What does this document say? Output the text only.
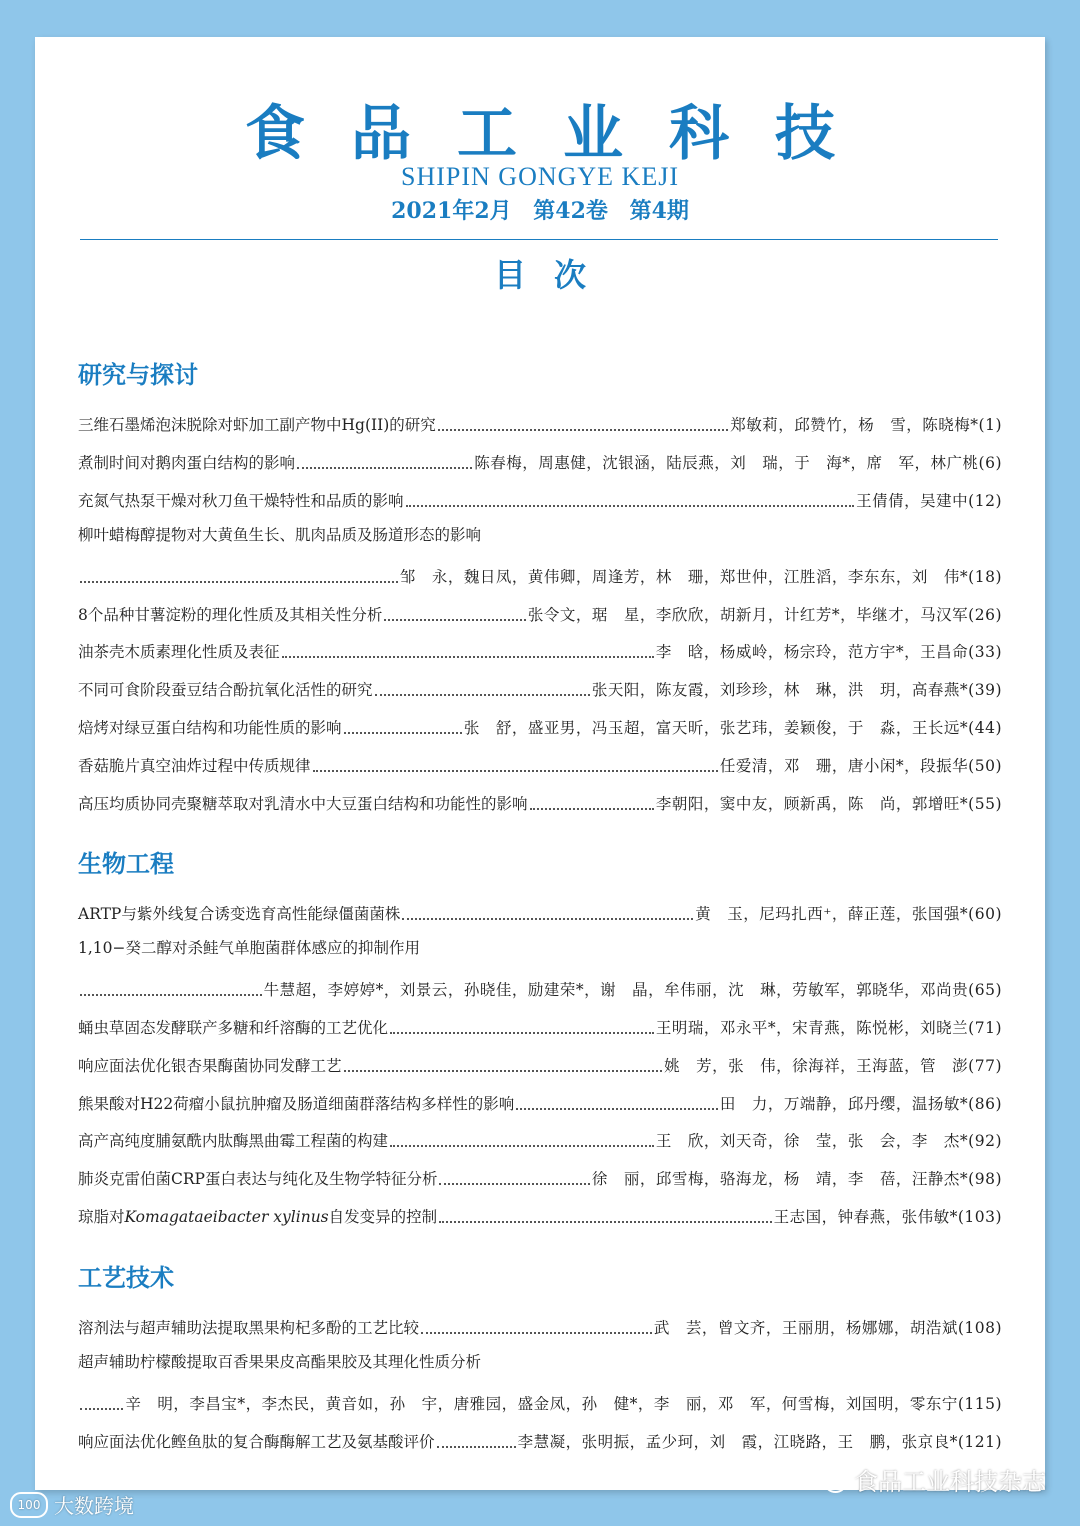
食品工业科技
SHIPIN GONGYE KEJI
2021年2月 第42卷 第4期
目次
研究与探讨
三维石墨烯泡沫脱除对虾加工副产物中Hg(II)的研究	郑敏莉，邱赞竹，杨　雪，陈晓梅*(1)
煮制时间对鹅肉蛋白结构的影响	陈春梅，周惠健，沈银涵，陆辰燕，刘　瑞，于　海*，席　军，林广桃(6)
充氮气热泵干燥对秋刀鱼干燥特性和品质的影响	王倩倩，吴建中(12)
柳叶蜡梅醇提物对大黄鱼生长、肌肉品质及肠道形态的影响
邹　永，魏日凤，黄伟卿，周逢芳，林　珊，郑世仲，江胜滔，李东东，刘　伟*(18)
8个品种甘薯淀粉的理化性质及其相关性分析	张令文，琚　星，李欣欣，胡新月，计红芳*，毕继才，马汉军(26)
油茶壳木质素理化性质及表征	李　晗，杨威岭，杨宗玲，范方宇*，王昌命(33)
不同可食阶段蚕豆结合酚抗氧化活性的研究	张天阳，陈友霞，刘珍珍，林　琳，洪　玥，高春燕*(39)
焙烤对绿豆蛋白结构和功能性质的影响	张　舒，盛亚男，冯玉超，富天昕，张艺玮，姜颖俊，于　淼，王长远*(44)
香菇脆片真空油炸过程中传质规律	任爱清，邓　珊，唐小闲*，段振华(50)
高压均质协同壳聚糖萃取对乳清水中大豆蛋白结构和功能性的影响	李朝阳，窦中友，顾新禹，陈　尚，郭增旺*(55)
生物工程
ARTP与紫外线复合诱变选育高性能绿僵菌菌株	黄　玉，尼玛扎西⁺，薛正莲，张国强*(60)
1,10−癸二醇对杀鲑气单胞菌群体感应的抑制作用
牛慧超，李婷婷*，刘景云，孙晓佳，励建荣*，谢　晶，牟伟丽，沈　琳，劳敏军，郭晓华，邓尚贵(65)
蛹虫草固态发酵联产多糖和纤溶酶的工艺优化	王明瑞，邓永平*，宋青燕，陈悦彬，刘晓兰(71)
响应面法优化银杏果酶菌协同发酵工艺	姚　芳，张　伟，徐海祥，王海蓝，管　澎(77)
熊果酸对H22荷瘤小鼠抗肿瘤及肠道细菌群落结构多样性的影响	田　力，万端静，邱丹缨，温扬敏*(86)
高产高纯度脯氨酰内肽酶黑曲霉工程菌的构建	王　欣，刘天奇，徐　莹，张　会，李　杰*(92)
肺炎克雷伯菌CRP蛋白表达与纯化及生物学特征分析	徐　丽，邱雪梅，骆海龙，杨　靖，李　蓓，汪静杰*(98)
琼脂对Komagataeibacter xylinus自发变异的控制	王志国，钟春燕，张伟敏*(103)
工艺技术
溶剂法与超声辅助法提取黑果枸杞多酚的工艺比较	武　芸，曾文齐，王丽朋，杨娜娜，胡浩斌(108)
超声辅助柠檬酸提取百香果果皮高酯果胶及其理化性质分析
辛　明，李昌宝*，李杰民，黄音如，孙　宇，唐雅园，盛金凤，孙　健*，李　丽，邓　军，何雪梅，刘国明，零东宁(115)
响应面法优化鲣鱼肽的复合酶酶解工艺及氨基酸评价	李慧凝，张明振，孟少珂，刘　霞，江晓路，王　鹏，张京良*(121)
食品工业科技杂志
100 大数跨境
